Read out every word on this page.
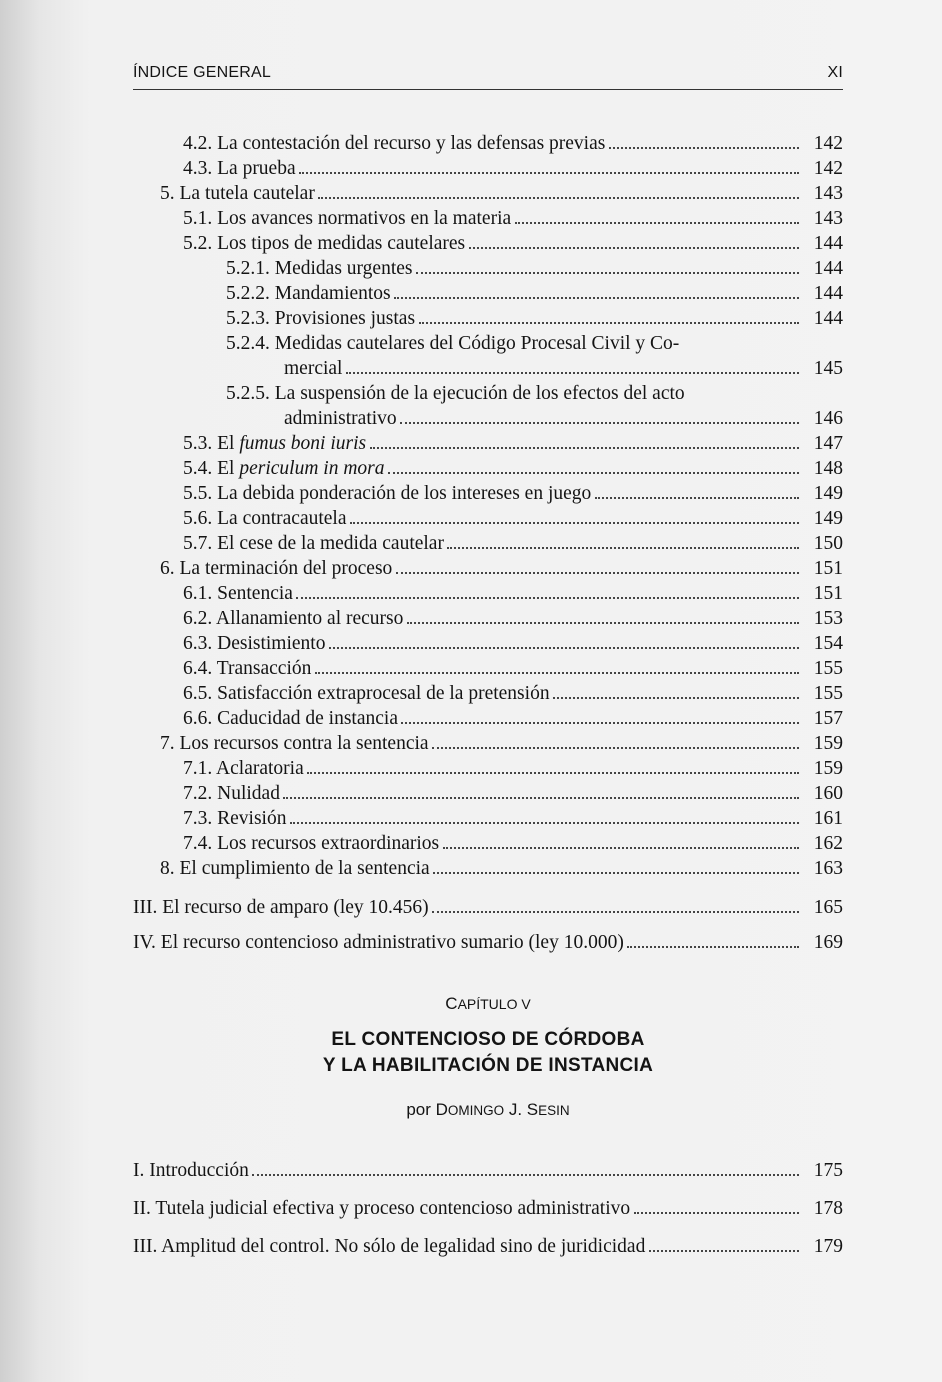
ÍNDICE GENERAL	XI
4.2. La contestación del recurso y las defensas previas	142
4.3. La prueba	142
5. La tutela cautelar	143
5.1. Los avances normativos en la materia	143
5.2. Los tipos de medidas cautelares	144
5.2.1. Medidas urgentes	144
5.2.2. Mandamientos	144
5.2.3. Provisiones justas	144
5.2.4. Medidas cautelares del Código Procesal Civil y Co-
mercial	145
5.2.5. La suspensión de la ejecución de los efectos del acto
administrativo	146
5.3. El fumus boni iuris	147
5.4. El periculum in mora	148
5.5. La debida ponderación de los intereses en juego	149
5.6. La contracautela	149
5.7. El cese de la medida cautelar	150
6. La terminación del proceso	151
6.1. Sentencia	151
6.2. Allanamiento al recurso	153
6.3. Desistimiento	154
6.4. Transacción	155
6.5. Satisfacción extraprocesal de la pretensión	155
6.6. Caducidad de instancia	157
7. Los recursos contra la sentencia	159
7.1. Aclaratoria	159
7.2. Nulidad	160
7.3. Revisión	161
7.4. Los recursos extraordinarios	162
8. El cumplimiento de la sentencia	163
III. El recurso de amparo (ley 10.456)	165
IV. El recurso contencioso administrativo sumario (ley 10.000)	169
CAPÍTULO V
EL CONTENCIOSO DE CÓRDOBA
Y LA HABILITACIÓN DE INSTANCIA
por DOMINGO J. SESIN
I. Introducción	175
II. Tutela judicial efectiva y proceso contencioso administrativo	178
III. Amplitud del control. No sólo de legalidad sino de juridicidad	179
